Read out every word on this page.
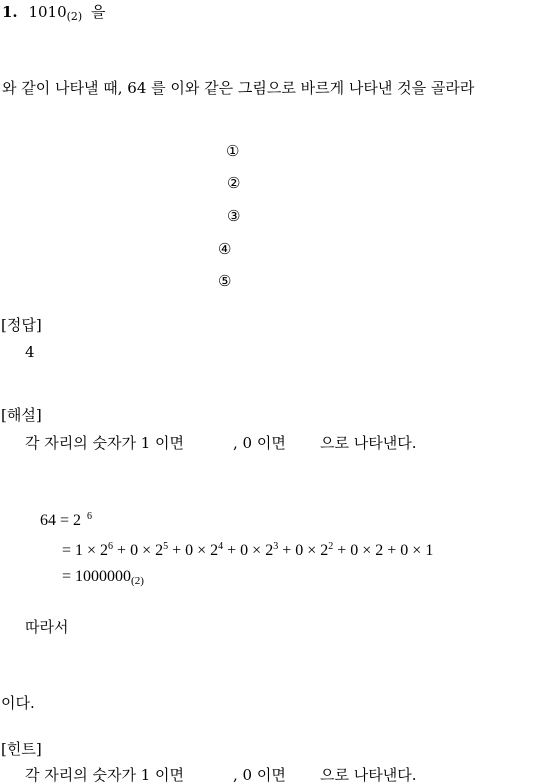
1. $1010_{(2)}$ 을
와 같이 나타낼 때, 64 를 이와 같은 그림으로 바르게 나타낸 것을 골라라
①
②
③
④
⑤
[정답]
4
[해설]
각 자리의 숫자가 1 이면	, 0 이면 으로 나타낸다.
64 = 2 $^6$
= $1 \times 2^6 + 0 \times 2^5 + 0 \times 2^4 + 0 \times 2^3 + 0 \times 2^2 + 0 \times 2 + 0 \times 1$
= $1000000_{(2)}$
따라서
이다.
[힌트]
각 자리의 숫자가 1 이면	, 0 이면 으로 나타낸다.
